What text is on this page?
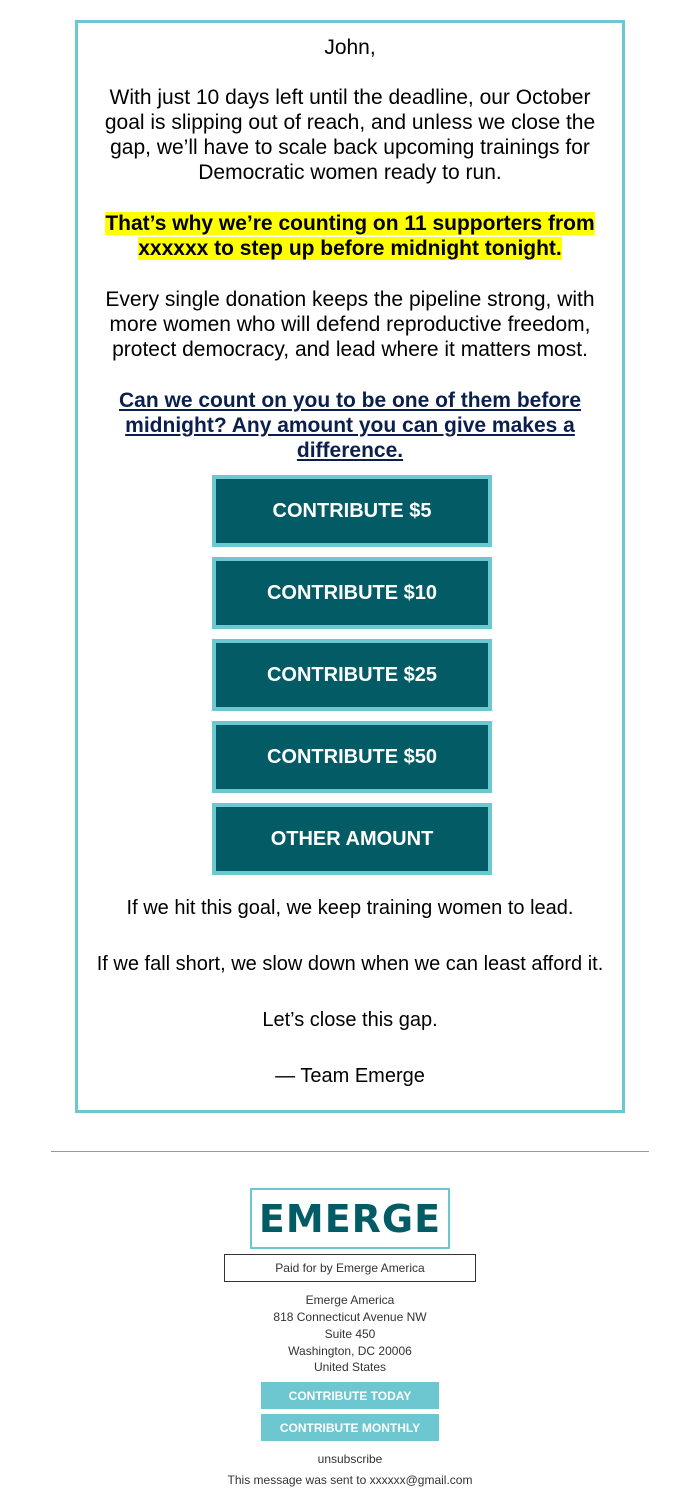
John,

With just 10 days left until the deadline, our October goal is slipping out of reach, and unless we close the gap, we’ll have to scale back upcoming trainings for Democratic women ready to run.

That’s why we’re counting on 11 supporters from xxxxxx to step up before midnight tonight.

Every single donation keeps the pipeline strong, with more women who will defend reproductive freedom, protect democracy, and lead where it matters most.

Can we count on you to be one of them before midnight? Any amount you can give makes a difference.

CONTRIBUTE $5
CONTRIBUTE $10
CONTRIBUTE $25
CONTRIBUTE $50
OTHER AMOUNT

If we hit this goal, we keep training women to lead.

If we fall short, we slow down when we can least afford it.

Let’s close this gap.

— Team Emerge

EMERGE
Paid for by Emerge America
Emerge America
818 Connecticut Avenue NW
Suite 450
Washington, DC 20006
United States
CONTRIBUTE TODAY
CONTRIBUTE MONTHLY
unsubscribe
This message was sent to xxxxxx@gmail.com
